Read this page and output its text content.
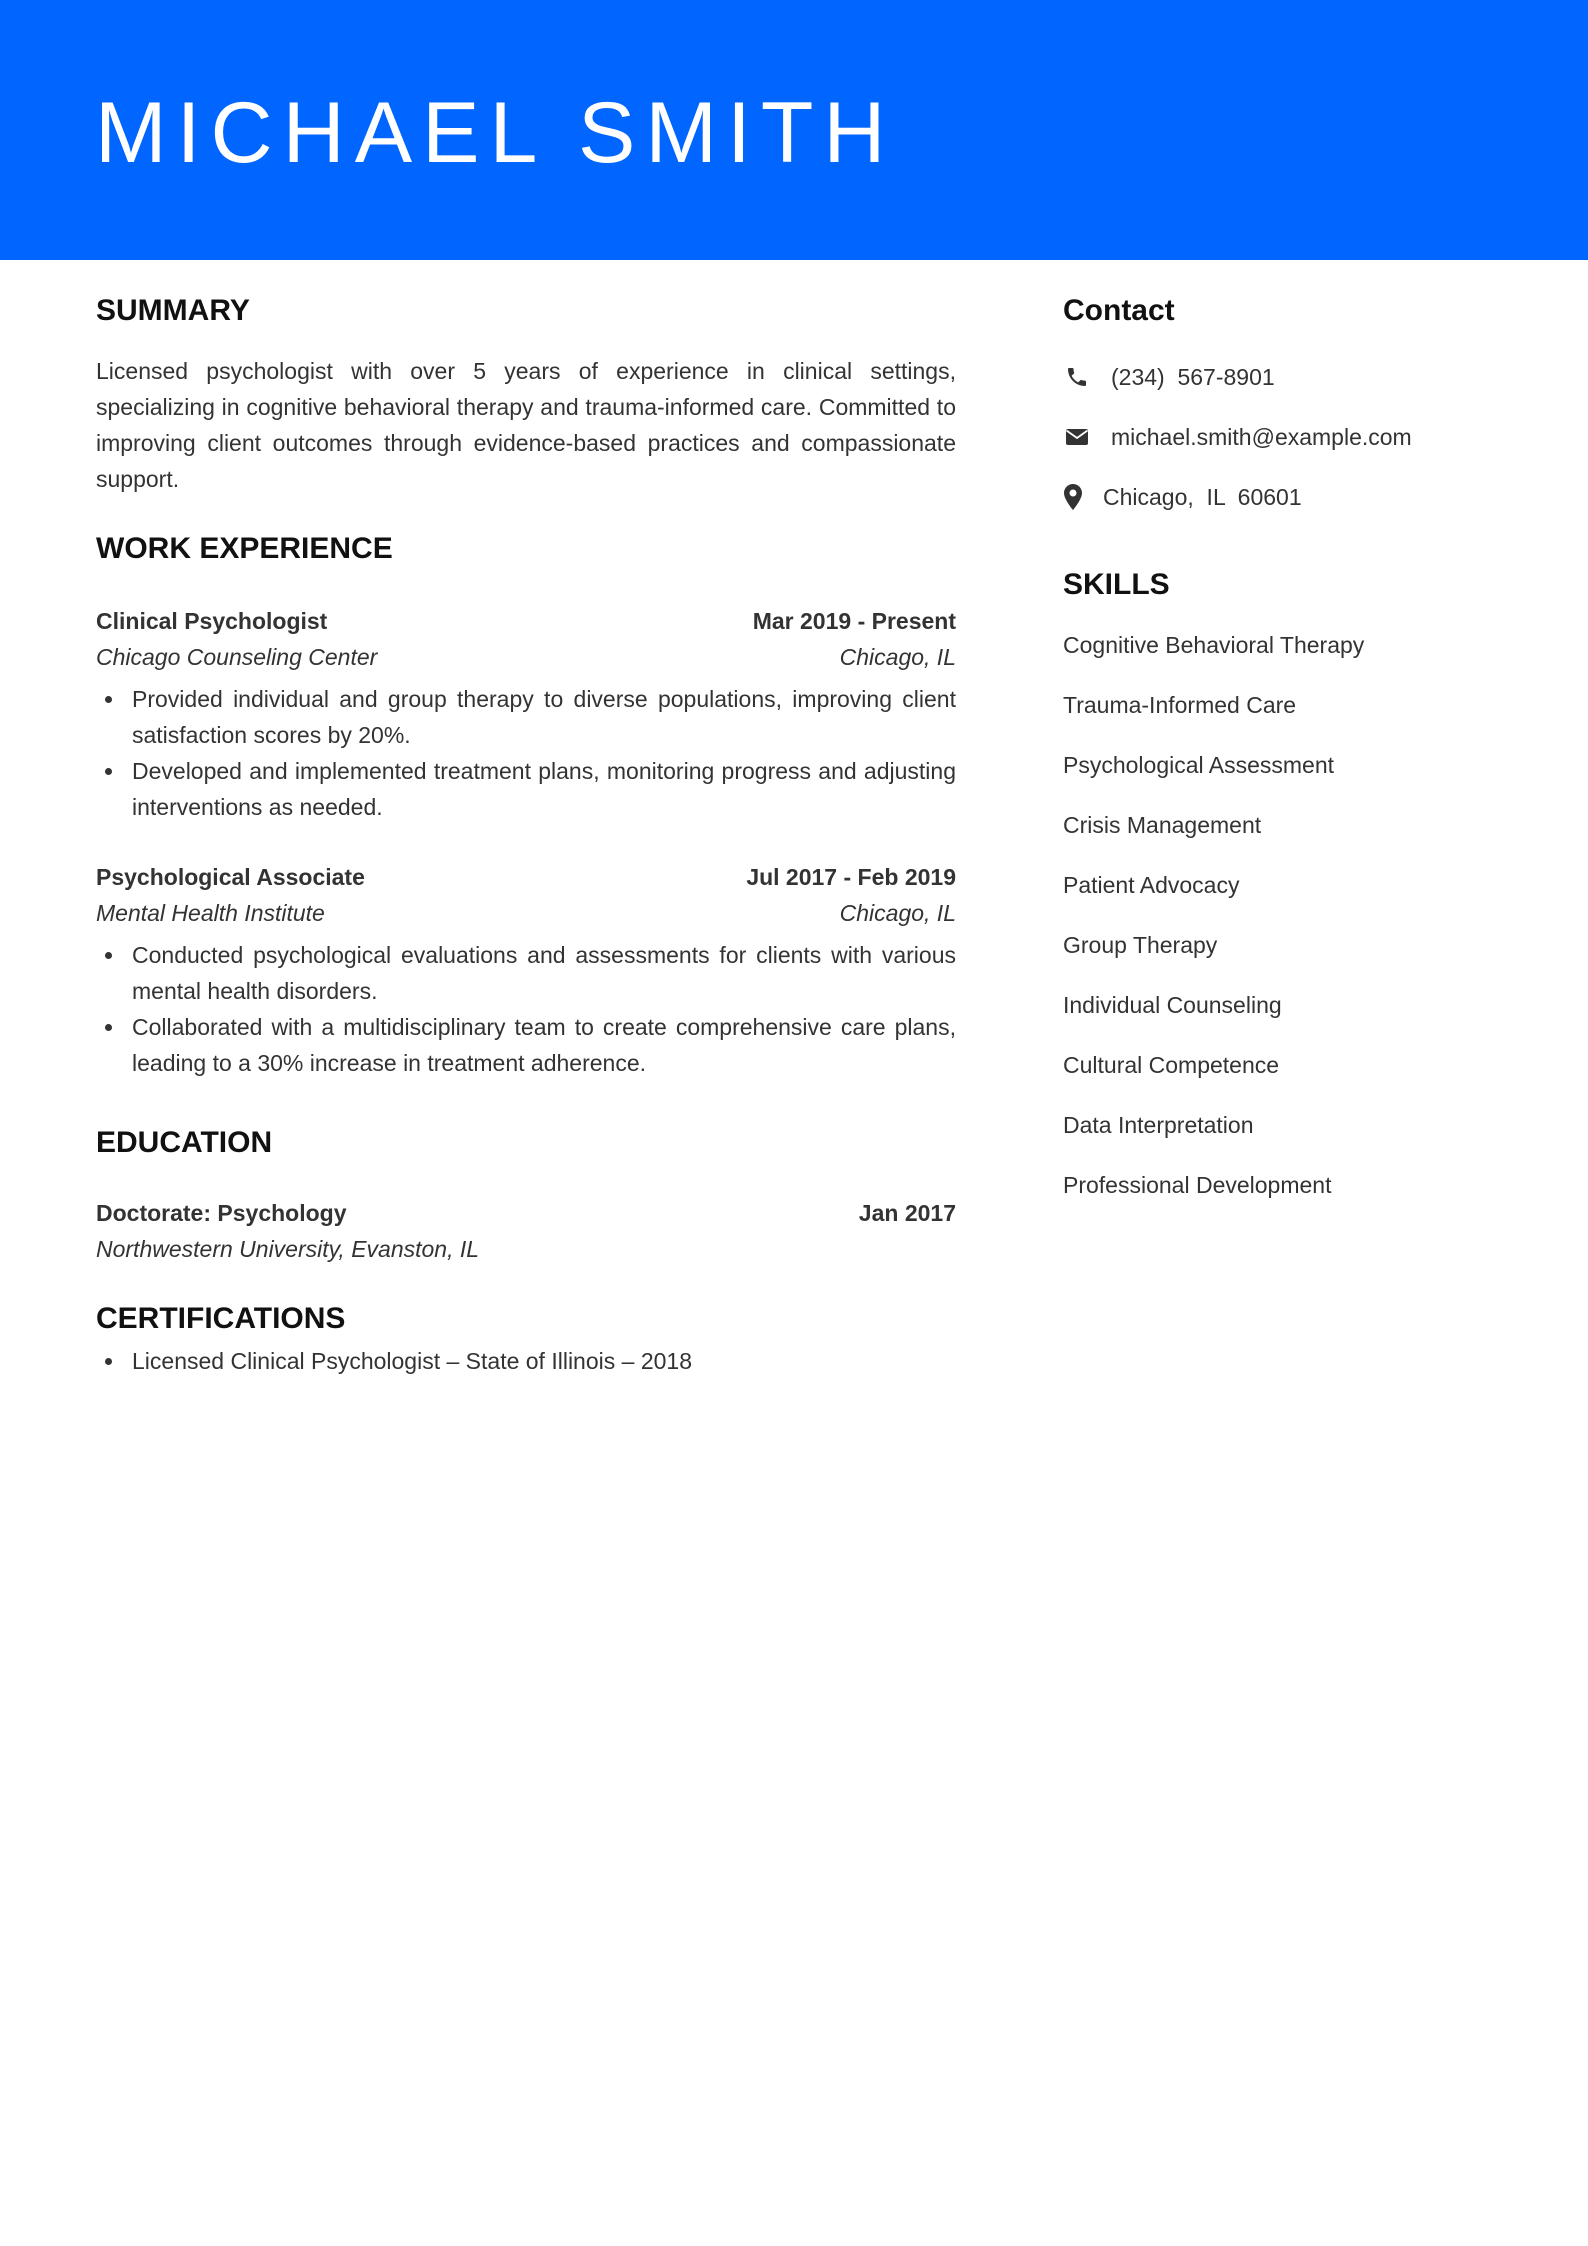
MICHAEL SMITH
SUMMARY

Licensed psychologist with over 5 years of experience in clinical settings, specializing in cognitive behavioral therapy and trauma-informed care. Committed to improving client outcomes through evidence-based practices and compassionate support.

WORK EXPERIENCE
Clinical Psychologist	Mar 2019 - Present
Chicago Counseling Center	Chicago, IL
Provided individual and group therapy to diverse populations, improving client satisfaction scores by 20%.
Developed and implemented treatment plans, monitoring progress and adjusting interventions as needed.
Psychological Associate	Jul 2017 - Feb 2019
Mental Health Institute	Chicago, IL
Conducted psychological evaluations and assessments for clients with various mental health disorders.
Collaborated with a multidisciplinary team to create comprehensive care plans, leading to a 30% increase in treatment adherence.
EDUCATION
Doctorate: Psychology	Jan 2017
Northwestern University, Evanston, IL
CERTIFICATIONS
Licensed Clinical Psychologist – State of Illinois – 2018
Contact
(234)  567-8901
michael.smith@example.com
Chicago,  IL  60601
SKILLS
Cognitive Behavioral Therapy
Trauma-Informed Care
Psychological Assessment
Crisis Management
Patient Advocacy
Group Therapy
Individual Counseling
Cultural Competence
Data Interpretation
Professional Development
